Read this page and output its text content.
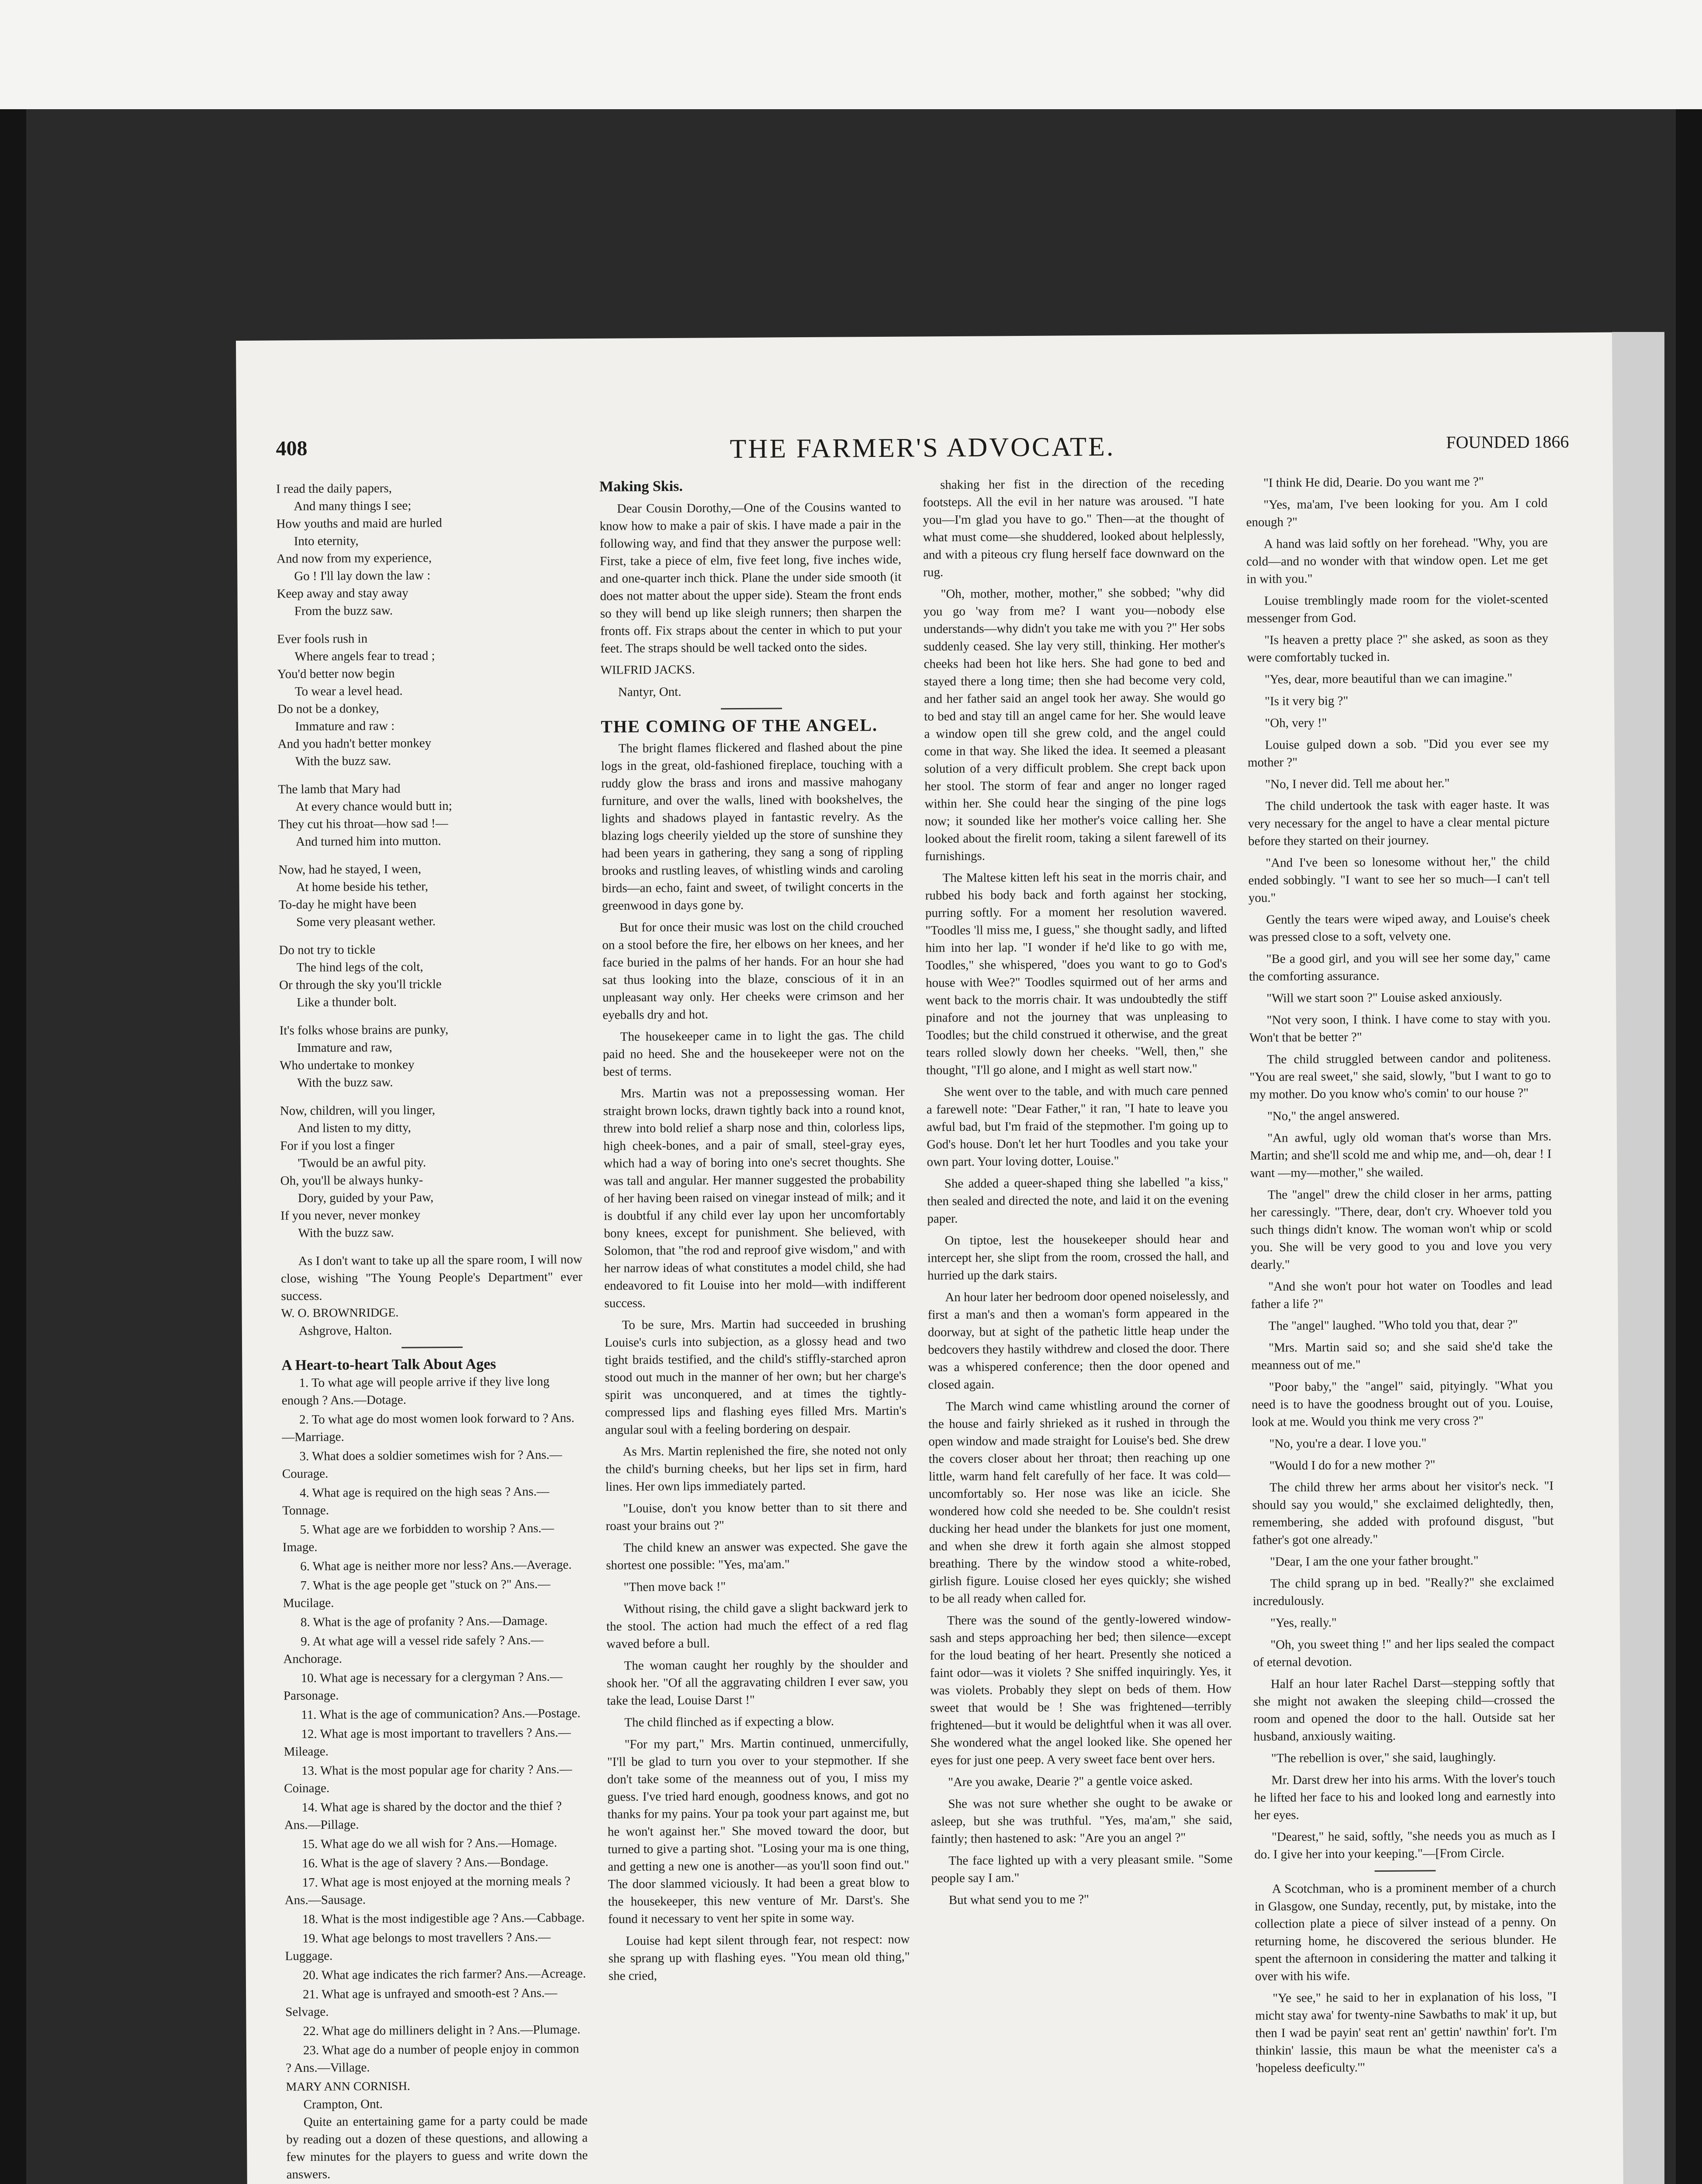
408	THE FARMER'S ADVOCATE.	FOUNDED 1866

I read the daily papers,

And many things I see;

How youths and maid are hurled

Into eternity,

And now from my experience,

Go ! I'll lay down the law :

Keep away and stay away

From the buzz saw.

Ever fools rush in

Where angels fear to tread ;

You'd better now begin

To wear a level head.

Do not be a donkey,

Immature and raw :

And you hadn't better monkey

With the buzz saw.

The lamb that Mary had

At every chance would butt in;

They cut his throat—how sad !—

And turned him into mutton.

Now, had he stayed, I ween,

At home beside his tether,

To-day he might have been

Some very pleasant wether.

Do not try to tickle

The hind legs of the colt,

Or through the sky you'll trickle

Like a thunder bolt.

It's folks whose brains are punky,

Immature and raw,

Who undertake to monkey

With the buzz saw.

Now, children, will you linger,

And listen to my ditty,

For if you lost a finger

'Twould be an awful pity.

Oh, you'll be always hunky-

Dory, guided by your Paw,

If you never, never monkey

With the buzz saw.

As I don't want to take up all the spare room, I will now close, wishing "The Young People's Department" ever success.

W. O. BROWNRIDGE.

Ashgrove, Halton.

A Heart-to-heart Talk About Ages

1. To what age will people arrive if they live long enough ? Ans.—Dotage.

2. To what age do most women look forward to ? Ans.—Marriage.

3. What does a soldier sometimes wish for ? Ans.—Courage.

4. What age is required on the high seas ? Ans.—Tonnage.

5. What age are we forbidden to worship ? Ans.—Image.

6. What age is neither more nor less? Ans.—Average.

7. What is the age people get "stuck on ?" Ans.—Mucilage.

8. What is the age of profanity ? Ans.—Damage.

9. At what age will a vessel ride safely ? Ans.—Anchorage.

10. What age is necessary for a clergyman ? Ans.—Parsonage.

11. What is the age of communication? Ans.—Postage.

12. What age is most important to travellers ? Ans.—Mileage.

13. What is the most popular age for charity ? Ans.—Coinage.

14. What age is shared by the doctor and the thief ? Ans.—Pillage.

15. What age do we all wish for ? Ans.—Homage.

16. What is the age of slavery ? Ans.—Bondage.

17. What age is most enjoyed at the morning meals ? Ans.—Sausage.

18. What is the most indigestible age ? Ans.—Cabbage.

19. What age belongs to most travellers ? Ans.—Luggage.

20. What age indicates the rich farmer? Ans.—Acreage.

21. What age is unfrayed and smooth-est ? Ans.—Selvage.

22. What age do milliners delight in ? Ans.—Plumage.

23. What age do a number of people enjoy in common ? Ans.—Village.

MARY ANN CORNISH.

Crampton, Ont.

Quite an entertaining game for a party could be made by reading out a dozen of these questions, and allowing a few minutes for the players to guess and write down the answers.

Making Skis.

Dear Cousin Dorothy,—One of the Cousins wanted to know how to make a pair of skis. I have made a pair in the following way, and find that they answer the purpose well: First, take a piece of elm, five feet long, five inches wide, and one-quarter inch thick. Plane the under side smooth (it does not matter about the upper side). Steam the front ends so they will bend up like sleigh runners; then sharpen the fronts off. Fix straps about the center in which to put your feet. The straps should be well tacked onto the sides.

WILFRID JACKS.

Nantyr, Ont.

THE COMING OF THE ANGEL.

The bright flames flickered and flashed about the pine logs in the great, old-fashioned fireplace, touching with a ruddy glow the brass and irons and massive mahogany furniture, and over the walls, lined with bookshelves, the lights and shadows played in fantastic revelry. As the blazing logs cheerily yielded up the store of sunshine they had been years in gathering, they sang a song of rippling brooks and rustling leaves, of whistling winds and caroling birds—an echo, faint and sweet, of twilight concerts in the greenwood in days gone by.

But for once their music was lost on the child crouched on a stool before the fire, her elbows on her knees, and her face buried in the palms of her hands. For an hour she had sat thus looking into the blaze, conscious of it in an unpleasant way only. Her cheeks were crimson and her eyeballs dry and hot.

The housekeeper came in to light the gas. The child paid no heed. She and the housekeeper were not on the best of terms.

Mrs. Martin was not a prepossessing woman. Her straight brown locks, drawn tightly back into a round knot, threw into bold relief a sharp nose and thin, colorless lips, high cheek-bones, and a pair of small, steel-gray eyes, which had a way of boring into one's secret thoughts. She was tall and angular. Her manner suggested the probability of her having been raised on vinegar instead of milk; and it is doubtful if any child ever lay upon her uncomfortably bony knees, except for punishment. She believed, with Solomon, that "the rod and reproof give wisdom," and with her narrow ideas of what constitutes a model child, she had endeavored to fit Louise into her mold—with indifferent success.

To be sure, Mrs. Martin had succeeded in brushing Louise's curls into subjection, as a glossy head and two tight braids testified, and the child's stiffly-starched apron stood out much in the manner of her own; but her charge's spirit was unconquered, and at times the tightly-compressed lips and flashing eyes filled Mrs. Martin's angular soul with a feeling bordering on despair.

As Mrs. Martin replenished the fire, she noted not only the child's burning cheeks, but her lips set in firm, hard lines. Her own lips immediately parted.

"Louise, don't you know better than to sit there and roast your brains out ?"

The child knew an answer was expected. She gave the shortest one possible: "Yes, ma'am."

"Then move back !"

Without rising, the child gave a slight backward jerk to the stool. The action had much the effect of a red flag waved before a bull.

The woman caught her roughly by the shoulder and shook her. "Of all the aggravating children I ever saw, you take the lead, Louise Darst !"

The child flinched as if expecting a blow.

"For my part," Mrs. Martin continued, unmercifully, "I'll be glad to turn you over to your stepmother. If she don't take some of the meanness out of you, I miss my guess. I've tried hard enough, goodness knows, and got no thanks for my pains. Your pa took your part against me, but he won't against her." She moved toward the door, but turned to give a parting shot. "Losing your ma is one thing, and getting a new one is another—as you'll soon find out." The door slammed viciously. It had been a great blow to the housekeeper, this new venture of Mr. Darst's. She found it necessary to vent her spite in some way.

Louise had kept silent through fear, not respect: now she sprang up with flashing eyes. "You mean old thing," she cried,

shaking her fist in the direction of the receding footsteps. All the evil in her nature was aroused. "I hate you—I'm glad you have to go." Then—at the thought of what must come—she shuddered, looked about helplessly, and with a piteous cry flung herself face downward on the rug.

"Oh, mother, mother, mother," she sobbed; "why did you go 'way from me? I want you—nobody else understands—why didn't you take me with you ?" Her sobs suddenly ceased. She lay very still, thinking. Her mother's cheeks had been hot like hers. She had gone to bed and stayed there a long time; then she had become very cold, and her father said an angel took her away. She would go to bed and stay till an angel came for her. She would leave a window open till she grew cold, and the angel could come in that way. She liked the idea. It seemed a pleasant solution of a very difficult problem. She crept back upon her stool. The storm of fear and anger no longer raged within her. She could hear the singing of the pine logs now; it sounded like her mother's voice calling her. She looked about the firelit room, taking a silent farewell of its furnishings.

The Maltese kitten left his seat in the morris chair, and rubbed his body back and forth against her stocking, purring softly. For a moment her resolution wavered. "Toodles 'll miss me, I guess," she thought sadly, and lifted him into her lap. "I wonder if he'd like to go with me, Toodles," she whispered, "does you want to go to God's house with Wee?" Toodles squirmed out of her arms and went back to the morris chair. It was undoubtedly the stiff pinafore and not the journey that was unpleasing to Toodles; but the child construed it otherwise, and the great tears rolled slowly down her cheeks. "Well, then," she thought, "I'll go alone, and I might as well start now."

She went over to the table, and with much care penned a farewell note: "Dear Father," it ran, "I hate to leave you awful bad, but I'm fraid of the stepmother. I'm going up to God's house. Don't let her hurt Toodles and you take your own part. Your loving dotter, Louise."

She added a queer-shaped thing she labelled "a kiss," then sealed and directed the note, and laid it on the evening paper.

On tiptoe, lest the housekeeper should hear and intercept her, she slipt from the room, crossed the hall, and hurried up the dark stairs.

An hour later her bedroom door opened noiselessly, and first a man's and then a woman's form appeared in the doorway, but at sight of the pathetic little heap under the bedcovers they hastily withdrew and closed the door. There was a whispered conference; then the door opened and closed again.

The March wind came whistling around the corner of the house and fairly shrieked as it rushed in through the open window and made straight for Louise's bed. She drew the covers closer about her throat; then reaching up one little, warm hand felt carefully of her face. It was cold—uncomfortably so. Her nose was like an icicle. She wondered how cold she needed to be. She couldn't resist ducking her head under the blankets for just one moment, and when she drew it forth again she almost stopped breathing. There by the window stood a white-robed, girlish figure. Louise closed her eyes quickly; she wished to be all ready when called for.

There was the sound of the gently-lowered window-sash and steps approaching her bed; then silence—except for the loud beating of her heart. Presently she noticed a faint odor—was it violets ? She sniffed inquiringly. Yes, it was violets. Probably they slept on beds of them. How sweet that would be ! She was frightened—terribly frightened—but it would be delightful when it was all over. She wondered what the angel looked like. She opened her eyes for just one peep. A very sweet face bent over hers.

"Are you awake, Dearie ?" a gentle voice asked.

She was not sure whether she ought to be awake or asleep, but she was truthful. "Yes, ma'am," she said, faintly; then hastened to ask: "Are you an angel ?"

The face lighted up with a very pleasant smile. "Some people say I am."

But what send you to me ?"

"I think He did, Dearie. Do you want me ?"

"Yes, ma'am, I've been looking for you. Am I cold enough ?"

A hand was laid softly on her forehead. "Why, you are cold—and no wonder with that window open. Let me get in with you."

Louise tremblingly made room for the violet-scented messenger from God.

"Is heaven a pretty place ?" she asked, as soon as they were comfortably tucked in.

"Yes, dear, more beautiful than we can imagine."

"Is it very big ?"

"Oh, very !"

Louise gulped down a sob. "Did you ever see my mother ?"

"No, I never did. Tell me about her."

The child undertook the task with eager haste. It was very necessary for the angel to have a clear mental picture before they started on their journey.

"And I've been so lonesome without her," the child ended sobbingly. "I want to see her so much—I can't tell you."

Gently the tears were wiped away, and Louise's cheek was pressed close to a soft, velvety one.

"Be a good girl, and you will see her some day," came the comforting assurance.

"Will we start soon ?" Louise asked anxiously.

"Not very soon, I think. I have come to stay with you. Won't that be better ?"

The child struggled between candor and politeness. "You are real sweet," she said, slowly, "but I want to go to my mother. Do you know who's comin' to our house ?"

"No," the angel answered.

"An awful, ugly old woman that's worse than Mrs. Martin; and she'll scold me and whip me, and—oh, dear ! I want —my—mother," she wailed.

The "angel" drew the child closer in her arms, patting her caressingly. "There, dear, don't cry. Whoever told you such things didn't know. The woman won't whip or scold you. She will be very good to you and love you very dearly."

"And she won't pour hot water on Toodles and lead father a life ?"

The "angel" laughed. "Who told you that, dear ?"

"Mrs. Martin said so; and she said she'd take the meanness out of me."

"Poor baby," the "angel" said, pityingly. "What you need is to have the goodness brought out of you. Louise, look at me. Would you think me very cross ?"

"No, you're a dear. I love you."

"Would I do for a new mother ?"

The child threw her arms about her visitor's neck. "I should say you would," she exclaimed delightedly, then, remembering, she added with profound disgust, "but father's got one already."

"Dear, I am the one your father brought."

The child sprang up in bed. "Really?" she exclaimed incredulously.

"Yes, really."

"Oh, you sweet thing !" and her lips sealed the compact of eternal devotion.

Half an hour later Rachel Darst—stepping softly that she might not awaken the sleeping child—crossed the room and opened the door to the hall. Outside sat her husband, anxiously waiting.

"The rebellion is over," she said, laughingly.

Mr. Darst drew her into his arms. With the lover's touch he lifted her face to his and looked long and earnestly into her eyes.

"Dearest," he said, softly, "she needs you as much as I do. I give her into your keeping."—[From Circle.

A Scotchman, who is a prominent member of a church in Glasgow, one Sunday, recently, put, by mistake, into the collection plate a piece of silver instead of a penny. On returning home, he discovered the serious blunder. He spent the afternoon in considering the matter and talking it over with his wife.

"Ye see," he said to her in explanation of his loss, "I micht stay awa' for twenty-nine Sawbaths to mak' it up, but then I wad be payin' seat rent an' gettin' nawthin' for't. I'm thinkin' lassie, this maun be what the meenister ca's a 'hopeless deeficulty.'"
